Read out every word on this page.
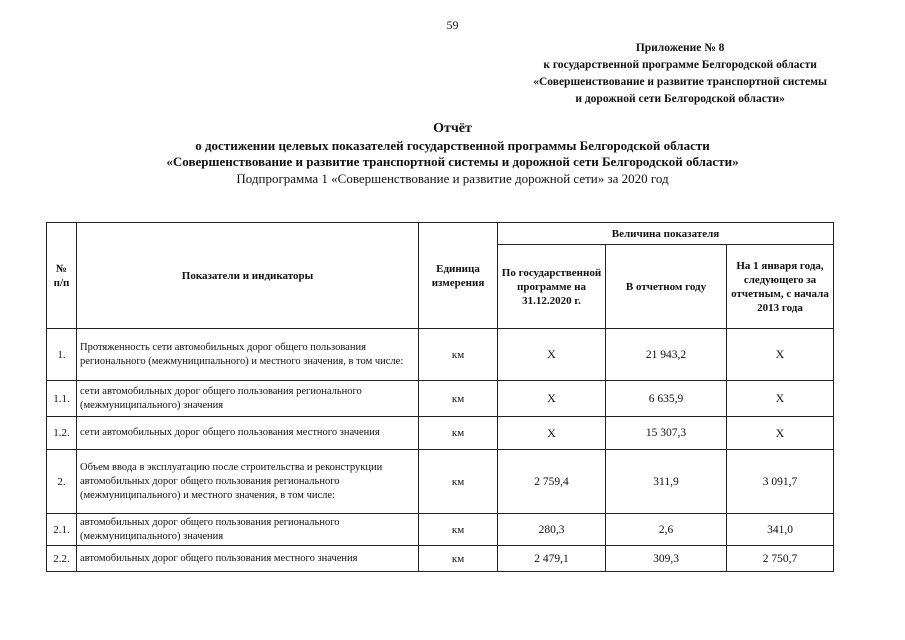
59
Приложение № 8
к государственной программе Белгородской области
«Совершенствование и развитие транспортной системы
и дорожной сети Белгородской области»
Отчёт
о достижении целевых показателей государственной программы Белгородской области
«Совершенствование и развитие транспортной системы и дорожной сети Белгородской области»
Подпрограмма 1 «Совершенствование и развитие дорожной сети» за 2020 год
№ п/п	Показатели и индикаторы	Единица измерения	Величина показателя		
			По государственной программе на 31.12.2020 г.	В отчетном году	На 1 января года, следующего за отчетным, с начала 2013 года
1.	Протяженность сети автомобильных дорог общего пользования регионального (межмуниципального) и местного значения, в том числе:	км	Х	21 943,2	Х
1.1.	сети автомобильных дорог общего пользования регионального (межмуниципального) значения	км	Х	6 635,9	Х
1.2.	сети автомобильных дорог общего пользования местного значения	км	Х	15 307,3	Х
2.	Объем ввода в эксплуатацию после строительства и реконструкции автомобильных дорог общего пользования регионального (межмуниципального) и местного значения, в том числе:	км	2 759,4	311,9	3 091,7
2.1.	автомобильных дорог общего пользования регионального (межмуниципального) значения	км	280,3	2,6	341,0
2.2.	автомобильных дорог общего пользования местного значения	км	2 479,1	309,3	2 750,7
